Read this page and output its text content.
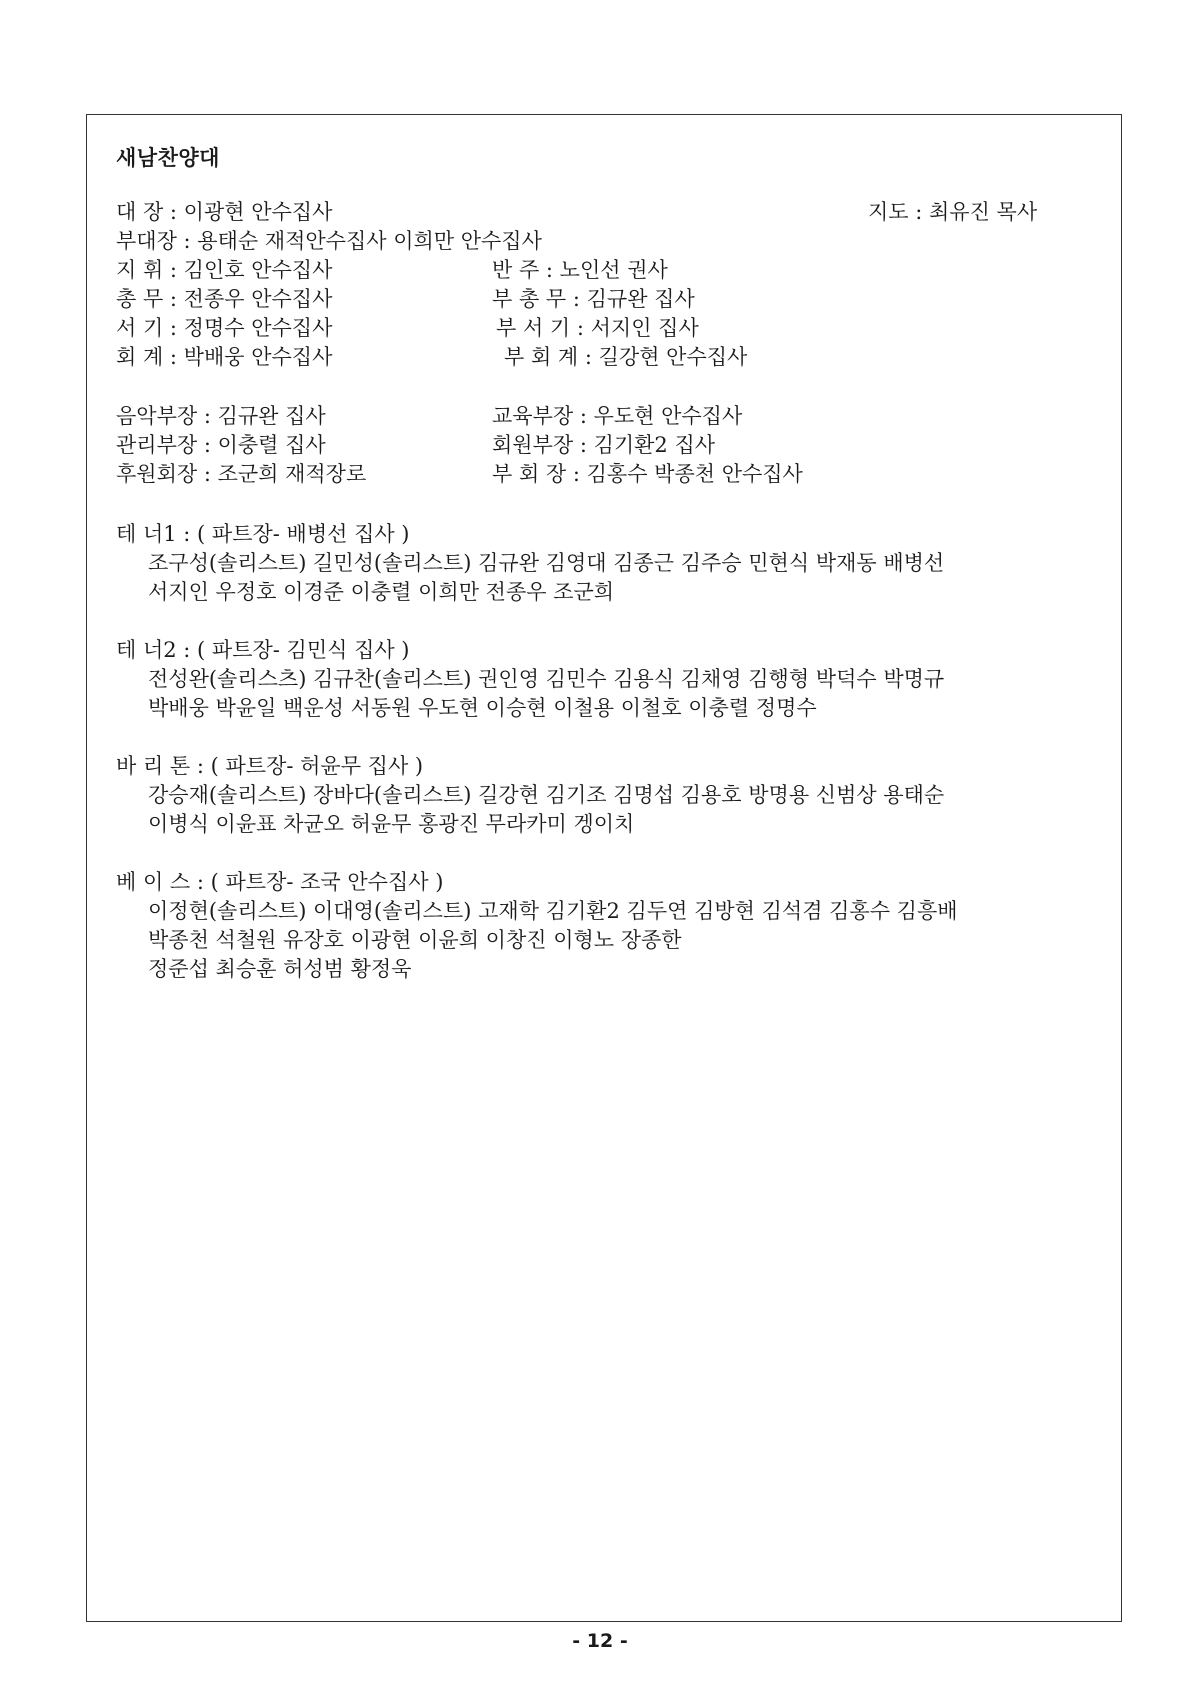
새남찬양대
대 장 : 이광현 안수집사	지도 : 최유진 목사
부대장 : 용태순 재적안수집사 이희만 안수집사
지 휘 : 김인호 안수집사	반 주 : 노인선 권사
총 무 : 전종우 안수집사	부 총 무 : 김규완 집사
서 기 : 정명수 안수집사	부 서 기 : 서지인 집사
회 계 : 박배웅 안수집사	부 회 계 : 길강현 안수집사
음악부장 : 김규완 집사	교육부장 : 우도현 안수집사
관리부장 : 이충렬 집사	회원부장 : 김기환2 집사
후원회장 : 조군희 재적장로	부 회 장 : 김홍수 박종천 안수집사
테 너1 : ( 파트장- 배병선 집사 )
조구성(솔리스트) 길민성(솔리스트) 김규완 김영대 김종근 김주승 민현식 박재동 배병선
서지인 우정호 이경준 이충렬 이희만 전종우 조군희
테 너2 : ( 파트장- 김민식 집사 )
전성완(솔리스츠) 김규찬(솔리스트) 권인영 김민수 김용식 김채영 김행형 박덕수 박명규
박배웅 박윤일 백운성 서동원 우도현 이승현 이철용 이철호 이충렬 정명수
바 리 톤 : ( 파트장- 허윤무 집사 )
강승재(솔리스트) 장바다(솔리스트) 길강현 김기조 김명섭 김용호 방명용 신범상 용태순
이병식 이윤표 차균오 허윤무 홍광진 무라카미 겡이치
베 이 스 : ( 파트장- 조국 안수집사 )
이정현(솔리스트) 이대영(솔리스트) 고재학 김기환2 김두연 김방현 김석겸 김홍수 김흥배
박종천 석철원 유장호 이광현 이윤희 이창진 이형노 장종한
정준섭 최승훈 허성범 황정욱
- 12 -
